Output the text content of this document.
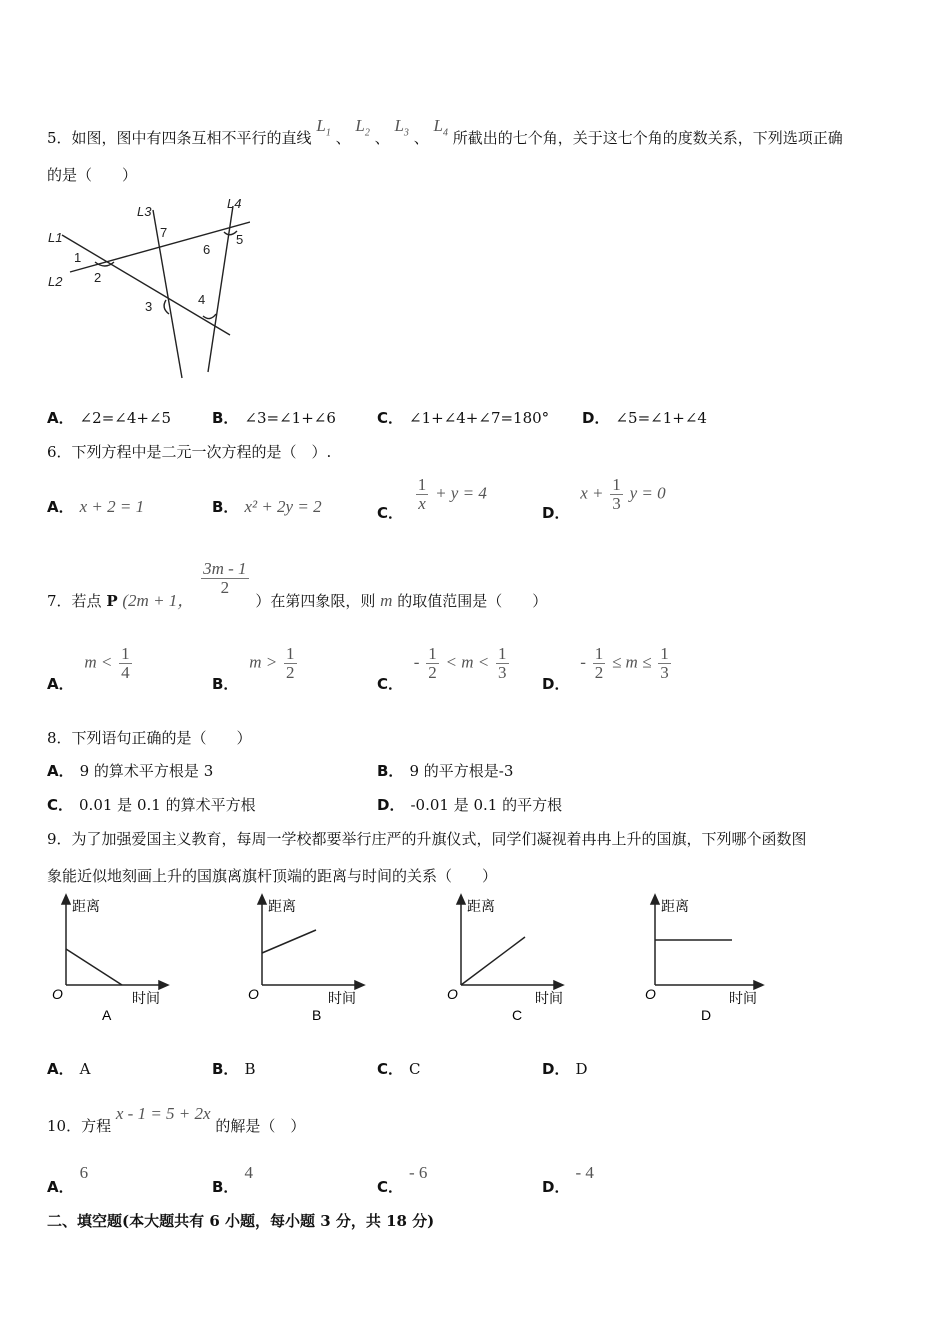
5．如图，图中有四条互相不平行的直线 $L_1$ 、 $L_2$ 、 $L_3$ 、 $L_4$ 所截出的七个角，关于这七个角的度数关系，下列选项正确
的是（　　）
L1
L2
L3
L4
1
2
3	4
5
6
7
A． ∠2=∠4+∠5	B． ∠3=∠1+∠6	C． ∠1+∠4+∠7=180° D． ∠5=∠1+∠4
6．下列方程中是二元一次方程的是（　）.
A． x + 2 = 1	B． x² + 2y = 2	C．
$\frac{1}{x} + y = 4$
D． $x + \frac{1}{3}$ y = 0
7．若点 P (2m + 1，
$\frac{3m - 1}{2}$
）在第四象限，则 m 的取值范围是（　　）
A． $m < \frac{1}{4}$
B． $m > \frac{1}{2}$
C． - $\frac{1}{2} < m < \frac{1}{3}$
D． - $\frac{1}{2} \le m \le \frac{1}{3}$
8．下列语句正确的是（　　）
A． 9 的算术平方根是 3	B． 9 的平方根是-3
C． 0.01 是 0.1 的算术平方根	D． -0.01 是 0.1 的平方根
9．为了加强爱国主义教育，每周一学校都要举行庄严的升旗仪式，同学们凝视着冉冉上升的国旗，下列哪个函数图
象能近似地刻画上升的国旗离旗杆顶端的距离与时间的关系（　　）
距离
O	时间
A
距离
O	时间
B
距离
O	时间
C
距离
O	时间
D
A． A	B． B	C． C	D． D
10．方程 x - 1 = 5 + 2x 的解是（　）
A．6
B．4
C．- 6
D．- 4
二、填空题(本大题共有 6 小题，每小题 3 分，共 18 分)
